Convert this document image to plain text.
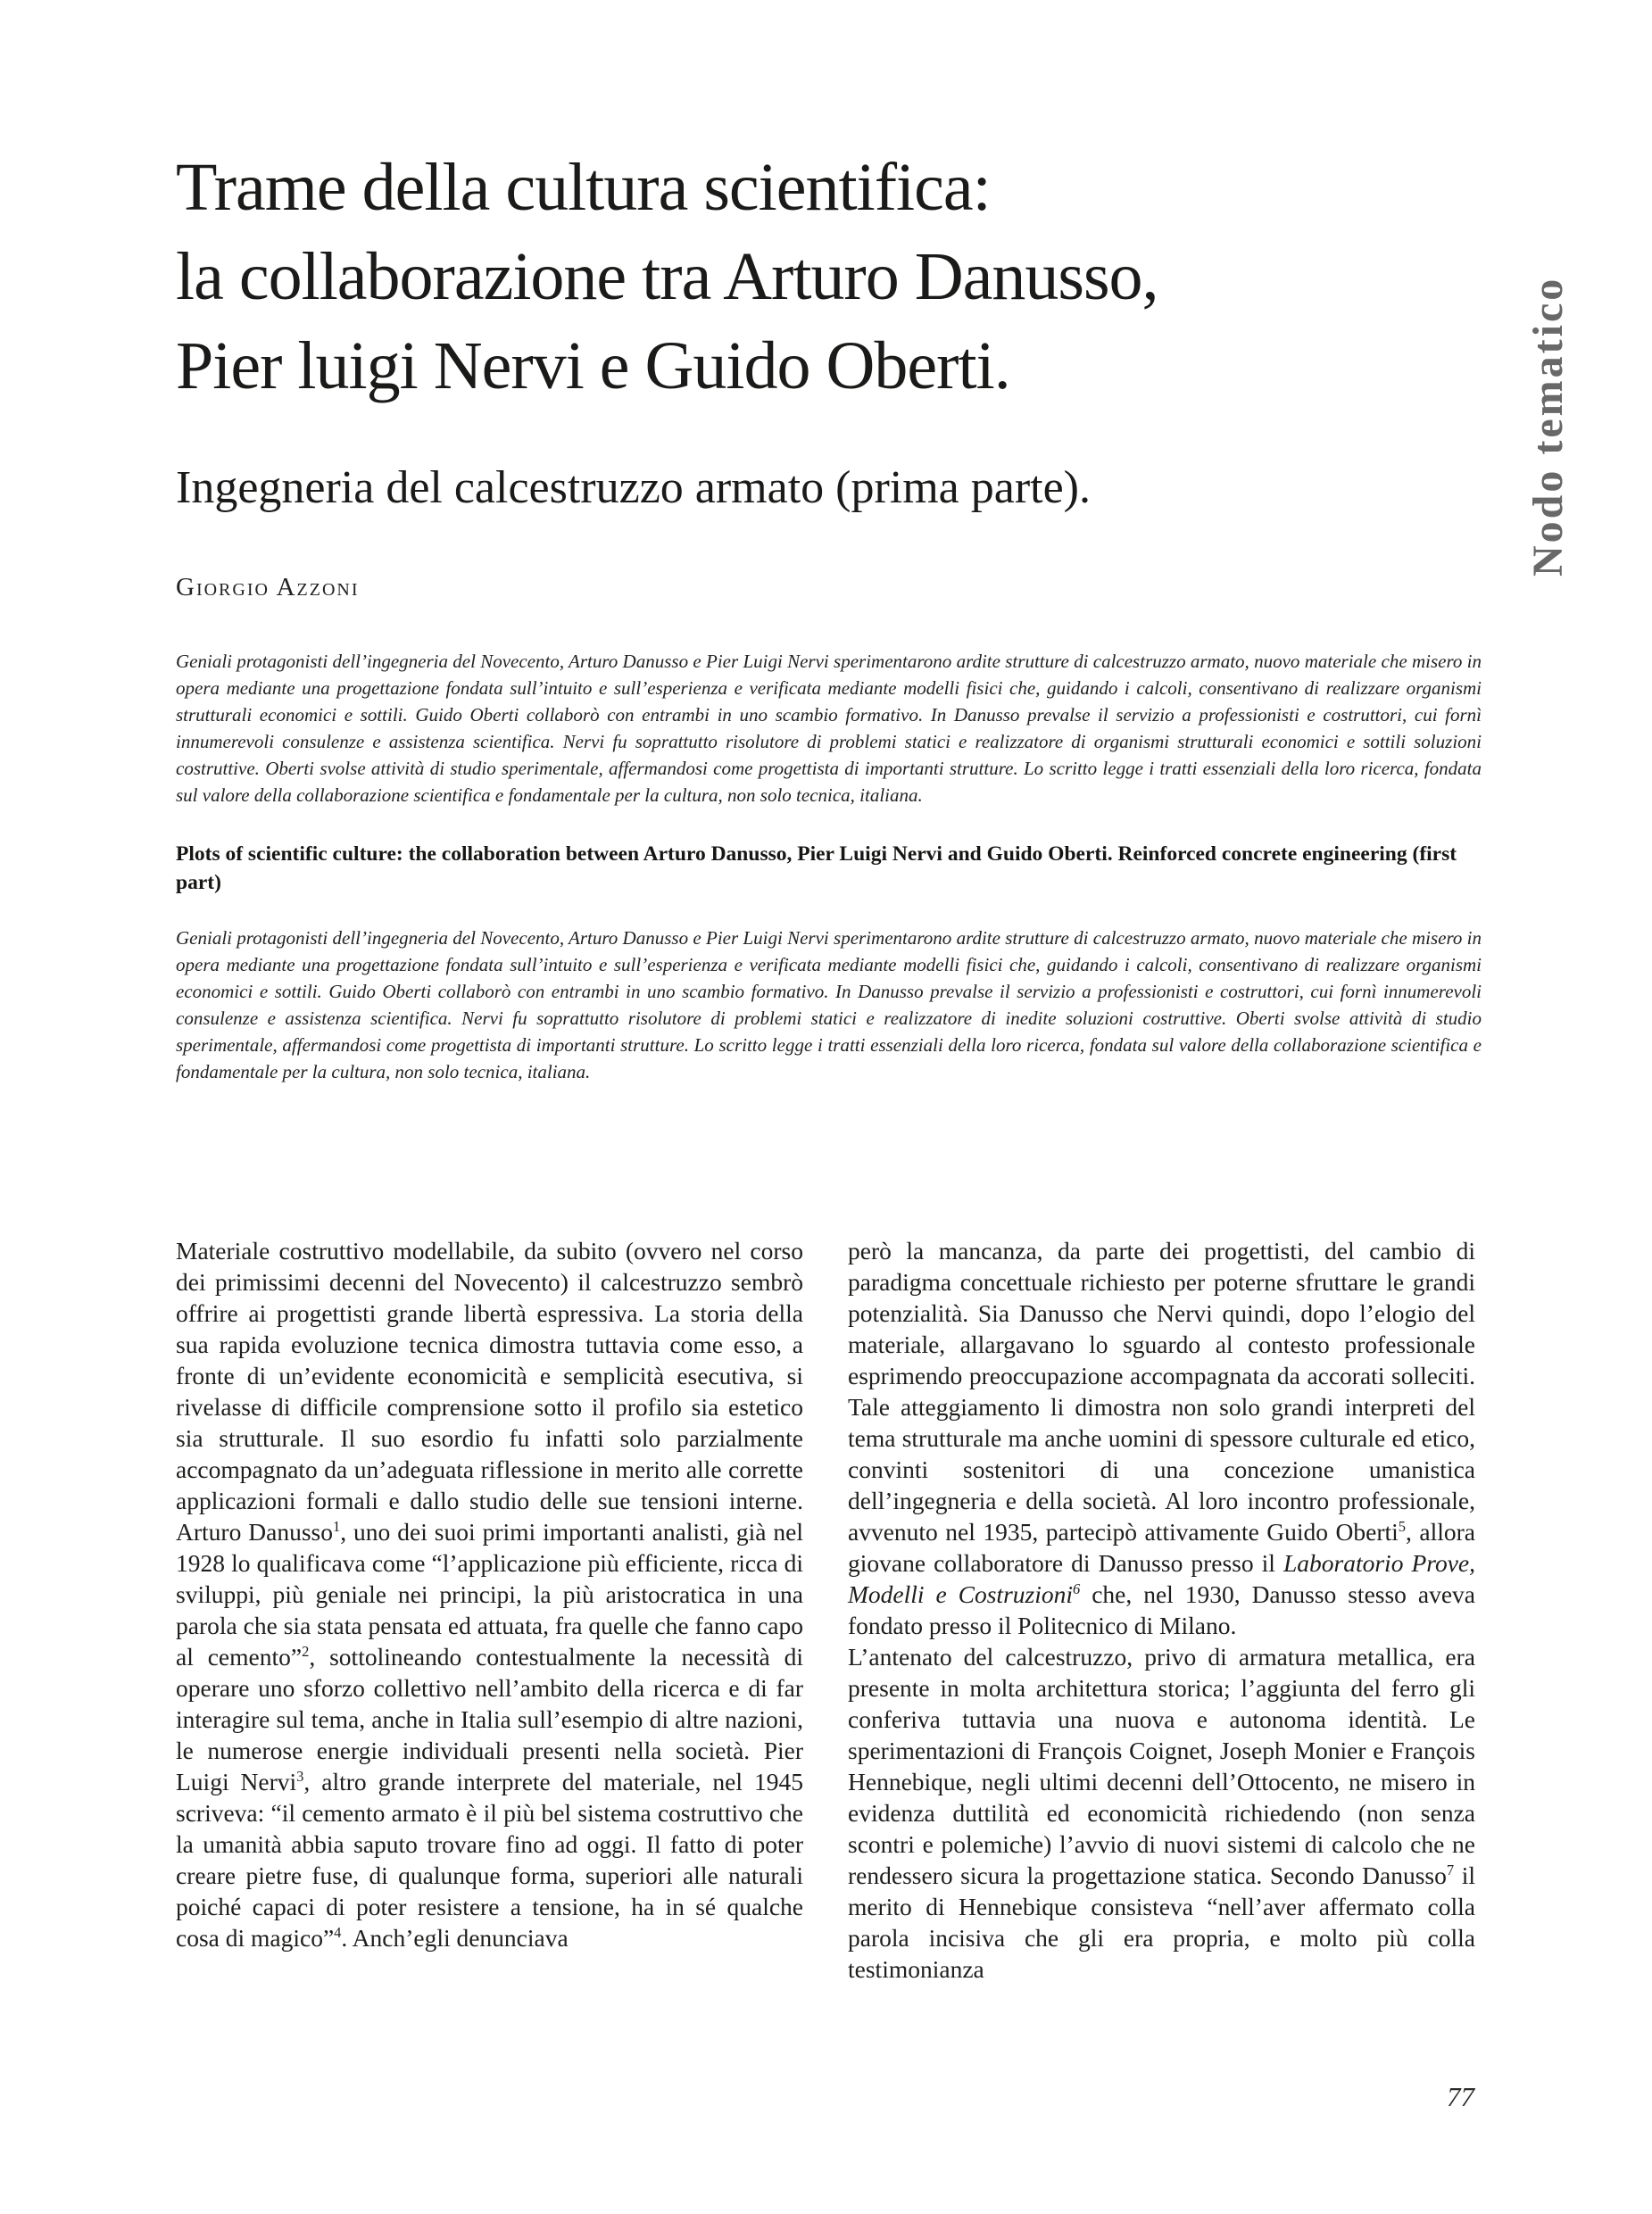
Nodo tematico
Trame della cultura scientifica:
la collaborazione tra Arturo Danusso,
Pier luigi Nervi e Guido Oberti.
Ingegneria del calcestruzzo armato (prima parte).
Giorgio Azzoni
Geniali protagonisti dell’ingegneria del Novecento, Arturo Danusso e Pier Luigi Nervi sperimentarono ardite strutture di calcestruzzo armato, nuovo materiale che misero in opera mediante una progettazione fondata sull’intuito e sull’esperienza e verificata mediante modelli fisici che, guidando i calcoli, consentivano di realizzare organismi strutturali economici e sottili. Guido Oberti collaborò con entrambi in uno scambio formativo. In Danusso prevalse il servizio a professionisti e costruttori, cui fornì innumerevoli consulenze e assistenza scientifica. Nervi fu soprattutto risolutore di problemi statici e realizzatore di organismi strutturali economici e sottili soluzioni costruttive. Oberti svolse attività di studio sperimentale, affermandosi come progettista di importanti strutture. Lo scritto legge i tratti essenziali della loro ricerca, fondata sul valore della collaborazione scientifica e fondamentale per la cultura, non solo tecnica, italiana.
Plots of scientific culture: the collaboration between Arturo Danusso, Pier Luigi Nervi and Guido Oberti. Reinforced concrete engineering (first part)
Geniali protagonisti dell’ingegneria del Novecento, Arturo Danusso e Pier Luigi Nervi sperimentarono ardite strutture di calcestruzzo armato, nuovo materiale che misero in opera mediante una progettazione fondata sull’intuito e sull’esperienza e verificata mediante modelli fisici che, guidando i calcoli, consentivano di realizzare organismi economici e sottili. Guido Oberti collaborò con entrambi in uno scambio formativo. In Danusso prevalse il servizio a professionisti e costruttori, cui fornì innumerevoli consulenze e assistenza scientifica. Nervi fu soprattutto risolutore di problemi statici e realizzatore di inedite soluzioni costruttive. Oberti svolse attività di studio sperimentale, affermandosi come progettista di importanti strutture. Lo scritto legge i tratti essenziali della loro ricerca, fondata sul valore della collaborazione scientifica e fondamentale per la cultura, non solo tecnica, italiana.

Materiale costruttivo modellabile, da subito (ovvero nel corso dei primissimi decenni del Novecento) il calcestruzzo sembrò offrire ai progettisti grande libertà espressiva. La storia della sua rapida evoluzione tecnica dimostra tuttavia come esso, a fronte di un’evidente economicità e semplicità esecutiva, si rivelasse di difficile comprensione sotto il profilo sia estetico sia strutturale. Il suo esordio fu infatti solo parzialmente accompagnato da un’adeguata riflessione in merito alle corrette applicazioni formali e dallo studio delle sue tensioni interne. Arturo Danusso$^1$, uno dei suoi primi importanti analisti, già nel 1928 lo qualificava come “l’applicazione più efficiente, ricca di sviluppi, più geniale nei principi, la più aristocratica in una parola che sia stata pensata ed attuata, fra quelle che fanno capo al cemento”$^2$, sottolineando contestualmente la necessità di operare uno sforzo collettivo nell’ambito della ricerca e di far interagire sul tema, anche in Italia sull’esempio di altre nazioni, le numerose energie individuali presenti nella società. Pier Luigi Nervi$^3$, altro grande interprete del materiale, nel 1945 scriveva: “il cemento armato è il più bel sistema costruttivo che la umanità abbia saputo trovare fino ad oggi. Il fatto di poter creare pietre fuse, di qualunque forma, superiori alle naturali poiché capaci di poter resistere a tensione, ha in sé qualche cosa di magico”$^4$. Anch’egli denunciava

però la mancanza, da parte dei progettisti, del cambio di paradigma concettuale richiesto per poterne sfruttare le grandi potenzialità. Sia Danusso che Nervi quindi, dopo l’elogio del materiale, allargavano lo sguardo al contesto professionale esprimendo preoccupazione accompagnata da accorati solleciti. Tale atteggiamento li dimostra non solo grandi interpreti del tema strutturale ma anche uomini di spessore culturale ed etico, convinti sostenitori di una concezione umanistica dell’ingegneria e della società. Al loro incontro professionale, avvenuto nel 1935, partecipò attivamente Guido Oberti$^5$, allora giovane collaboratore di Danusso presso il Laboratorio Prove, Modelli e Costruzioni$^6$ che, nel 1930, Danusso stesso aveva fondato presso il Politecnico di Milano.

L’antenato del calcestruzzo, privo di armatura metallica, era presente in molta architettura storica; l’aggiunta del ferro gli conferiva tuttavia una nuova e autonoma identità. Le sperimentazioni di François Coignet, Joseph Monier e François Hennebique, negli ultimi decenni dell’Ottocento, ne misero in evidenza duttilità ed economicità richiedendo (non senza scontri e polemiche) l’avvio di nuovi sistemi di calcolo che ne rendessero sicura la progettazione statica. Secondo Danusso$^7$ il merito di Hennebique consisteva “nell’aver affermato colla parola incisiva che gli era propria, e molto più colla testimonianza

77
